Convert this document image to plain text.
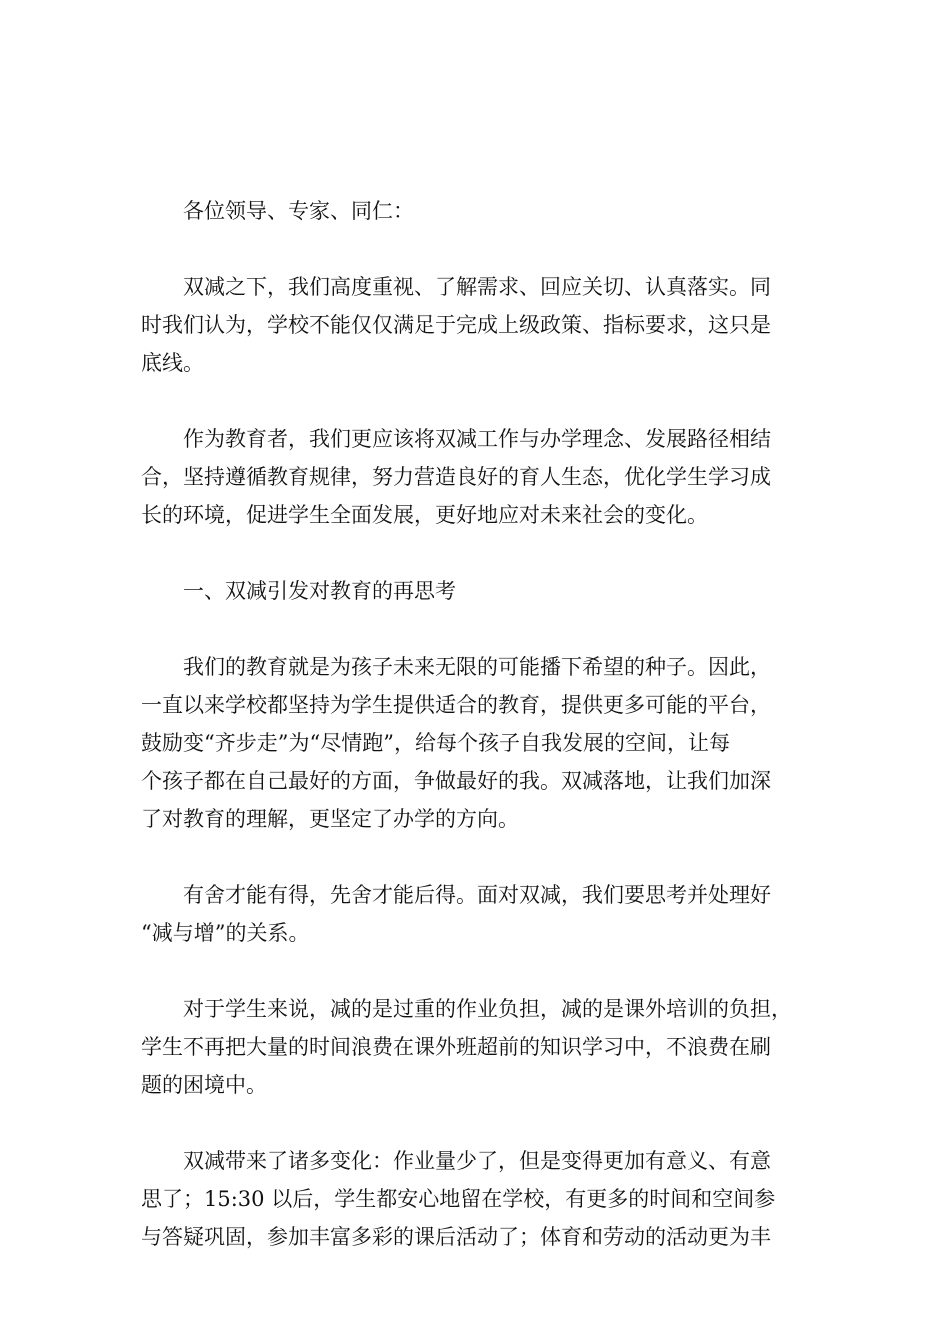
各位领导、专家、同仁：

双减之下，我们高度重视、了解需求、回应关切、认真落实。同
时我们认为，学校不能仅仅满足于完成上级政策、指标要求，这只是
底线。

作为教育者，我们更应该将双减工作与办学理念、发展路径相结
合，坚持遵循教育规律，努力营造良好的育人生态，优化学生学习成
长的环境，促进学生全面发展，更好地应对未来社会的变化。

一、双减引发对教育的再思考

我们的教育就是为孩子未来无限的可能播下希望的种子。因此，
一直以来学校都坚持为学生提供适合的教育，提供更多可能的平台，
鼓励变“齐步走”为“尽情跑”，给每个孩子自我发展的空间，让每
个孩子都在自己最好的方面，争做最好的我。双减落地，让我们加深
了对教育的理解，更坚定了办学的方向。

有舍才能有得，先舍才能后得。面对双减，我们要思考并处理好
“减与增”的关系。

对于学生来说，减的是过重的作业负担，减的是课外培训的负担，
学生不再把大量的时间浪费在课外班超前的知识学习中，不浪费在刷
题的困境中。

双减带来了诸多变化：作业量少了，但是变得更加有意义、有意
思了；15:30 以后，学生都安心地留在学校，有更多的时间和空间参
与答疑巩固，参加丰富多彩的课后活动了；体育和劳动的活动更为丰
